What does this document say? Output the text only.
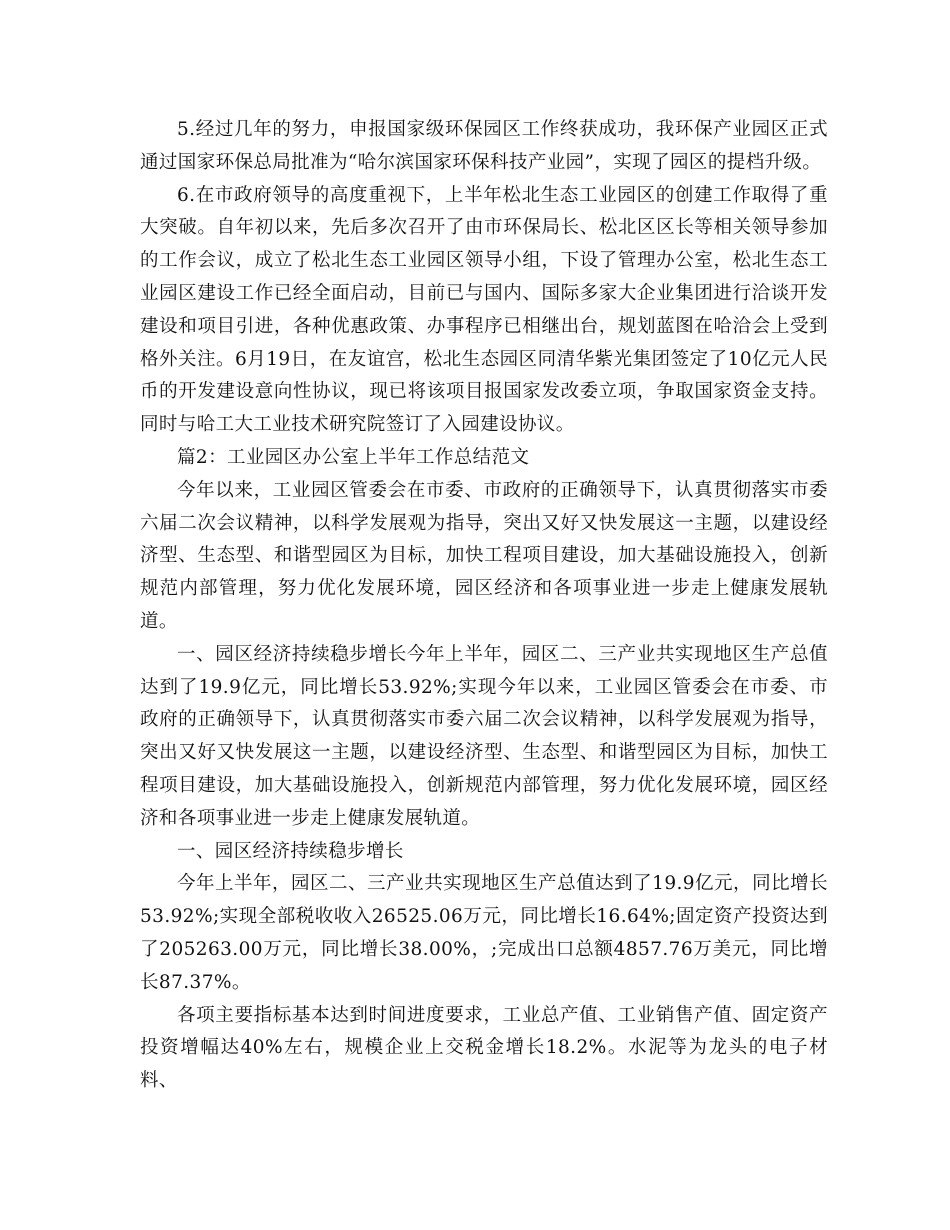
5.经过几年的努力，申报国家级环保园区工作终获成功，我环保产业园区正式通过国家环保总局批准为“哈尔滨国家环保科技产业园”，实现了园区的提档升级。

6.在市政府领导的高度重视下，上半年松北生态工业园区的创建工作取得了重大突破。自年初以来，先后多次召开了由市环保局长、松北区区长等相关领导参加的工作会议，成立了松北生态工业园区领导小组，下设了管理办公室，松北生态工业园区建设工作已经全面启动，目前已与国内、国际多家大企业集团进行洽谈开发建设和项目引进，各种优惠政策、办事程序已相继出台，规划蓝图在哈洽会上受到格外关注。6月19日，在友谊宫，松北生态园区同清华紫光集团签定了10亿元人民币的开发建设意向性协议，现已将该项目报国家发改委立项，争取国家资金支持。同时与哈工大工业技术研究院签订了入园建设协议。

篇2：工业园区办公室上半年工作总结范文

今年以来，工业园区管委会在市委、市政府的正确领导下，认真贯彻落实市委六届二次会议精神，以科学发展观为指导，突出又好又快发展这一主题，以建设经济型、生态型、和谐型园区为目标，加快工程项目建设，加大基础设施投入，创新规范内部管理，努力优化发展环境，园区经济和各项事业进一步走上健康发展轨道。

一、园区经济持续稳步增长今年上半年，园区二、三产业共实现地区生产总值达到了19.9亿元，同比增长53.92%;实现今年以来，工业园区管委会在市委、市政府的正确领导下，认真贯彻落实市委六届二次会议精神，以科学发展观为指导，突出又好又快发展这一主题，以建设经济型、生态型、和谐型园区为目标，加快工程项目建设，加大基础设施投入，创新规范内部管理，努力优化发展环境，园区经济和各项事业进一步走上健康发展轨道。

一、园区经济持续稳步增长

今年上半年，园区二、三产业共实现地区生产总值达到了19.9亿元，同比增长53.92%;实现全部税收收入26525.06万元，同比增长16.64%;固定资产投资达到了205263.00万元，同比增长38.00%，;完成出口总额4857.76万美元，同比增长87.37%。

各项主要指标基本达到时间进度要求，工业总产值、工业销售产值、固定资产投资增幅达40%左右，规模企业上交税金增长18.2%。水泥等为龙头的电子材料、
